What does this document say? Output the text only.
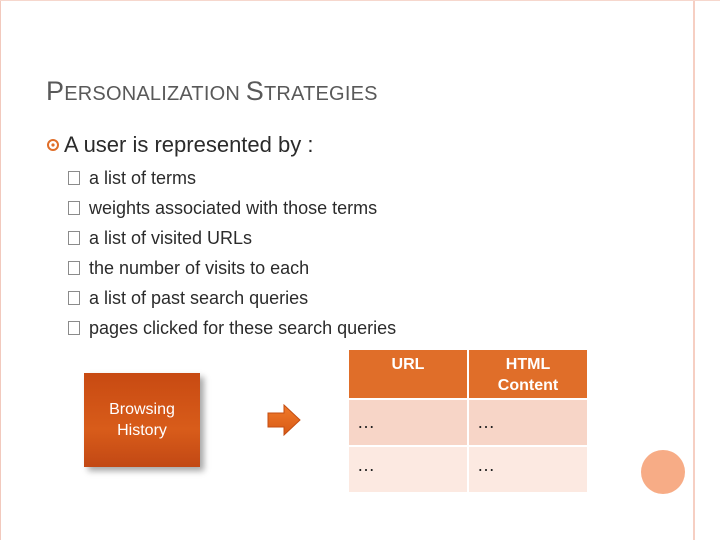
PERSONALIZATION STRATEGIES
A user is represented by :
a list of terms
weights associated with those terms
a list of visited URLs
the number of visits to each
a list of past search queries
pages clicked for these search queries
Browsing History
URL	HTML Content
…	…
…	…
